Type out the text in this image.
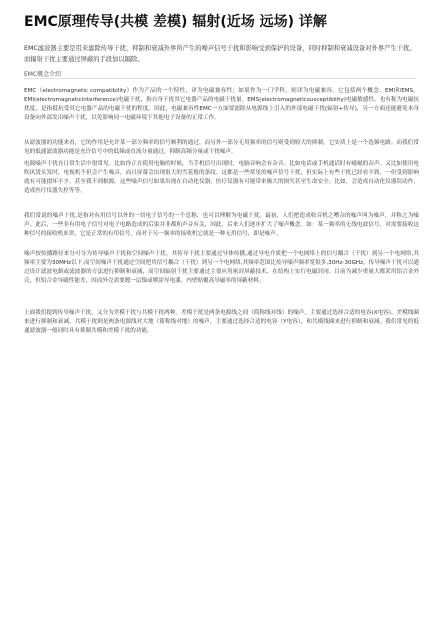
EMC原理传导(共模 差模) 辐射(近场 远场) 详解
EMC滤波器主要是用来滤除传导干扰，抑制和衰减外界所产生的噪声信号干扰和影响受到保护的设备，同时抑制和衰减设备对外界产生干扰。而辐射干扰主要通过屏蔽的手段加以隔除。
EMC概念介绍
EMC（electromagnetic compatibility）作为产品的一个特性，译为电磁兼容性；如果作为一门学科，则译为电磁兼容。它包括两个概念：EMI和EMS。EMI(electromagneticinterference)电磁干扰，指自身干扰其它电器产品的电磁干扰量。EMS(electromagneticsusceptibility)电磁敏感性，也有称为电磁抗扰度，是指抵抗受其它电器产品的电磁干扰的程度。因此，电磁兼容性EMC一方面要滤除从电源线上引入的外部电磁干扰(辐射+传导)，另一方面还能避免本身设备向外部发出噪声干扰，以免影响同一电磁环境下其他电子设备的正常工作。
从滤波器的功能来看，它的作用是允许某一部分频率的信号顺利的通过，而另外一部分无用频率的信号则受到较大的抑制，它实质上是一个选频电路。而我们常见的低通滤波器功能是允许信号中的低频或直流分量通过，抑制高频分量或干扰噪声。
电源噪声干扰在日常生活中很常见。比如你正在使用电脑的时候，当手机信号出现时，电脑音响会有杂音。比如电话或手机通话时有嗞嗞的杂声。又比如使用电吹风烫头发时，电视机不但会产生噪音，而且屏幕会出现很大的雪花般的条纹。这都是一些常见的噪声信号干扰，但实际上有些干扰已经看不到，一但受到影响就有可能損坏不少，甚至我不到根源。这些噪声信号如果出现在自动化仪器，医疗仪器有可能带来极大的损失甚至生命安全。比如，会造成自动化仪器误动作，造成医疗仪器失控等等。
我们常说的噪声干扰,是指对有用信号以外的一切电子信号的一个总称，也可以理解为电磁干扰。最初，人们把造成收音机之嘈杂的噪声叫为噪声，并称之为噪声。此后，一些非有用电子信号对电子电路造成的后果并非都和声音有关，因此，后来人们逐步扩大了噪声概念。如：某一频率的无线电波信号，对需要接收这种信号的接收机来讲，它是正常的有用信号，而对于另一频率的接收机它就是一种无用信号，即是噪声。
噪声按传播路径来分可分为传导噪声干扰和空间噪声干扰。其传导干扰主要通过导体传播,通过导电介质把一个电网络上的信号耦合（干扰）到另一个电网络,其频率主要为30MHz以下,而空间噪声干扰通过空间把其信号耦合（干扰）到另一个电网络,其频率范围比传导噪声频率宽很多,30Hz-30GHz。传导噪声干扰可以通过设计滤波电路或滤波器的方法进行抑制和衰减，而空间辐射干扰主要通过主要应用密封屏蔽技术，在结构上实行电磁封闭。目前为减少重量大都采用铝合金外壳，但铝合金导磁性能差，因而外壳需要镀一层镍或喷涂导电漆，内壁贴覆高导磁率的屏蔽材料。
上面我们提到传导噪声干扰，又分为差模干扰与共模干扰两种。差模干扰是两条电源线之间（简称线对线）的噪声，主要通过选择合适的电容(X电容)，差模线圈来进行抑制和衰减。共模干扰则是两条电源线对大地（简称线对地）的噪声，主要通过选择合适的电容（Y电容），和共模线圈来进行抑制和衰减。我们常见的低通滤波器一般同时具有抑制共模和差模干扰的功能。
